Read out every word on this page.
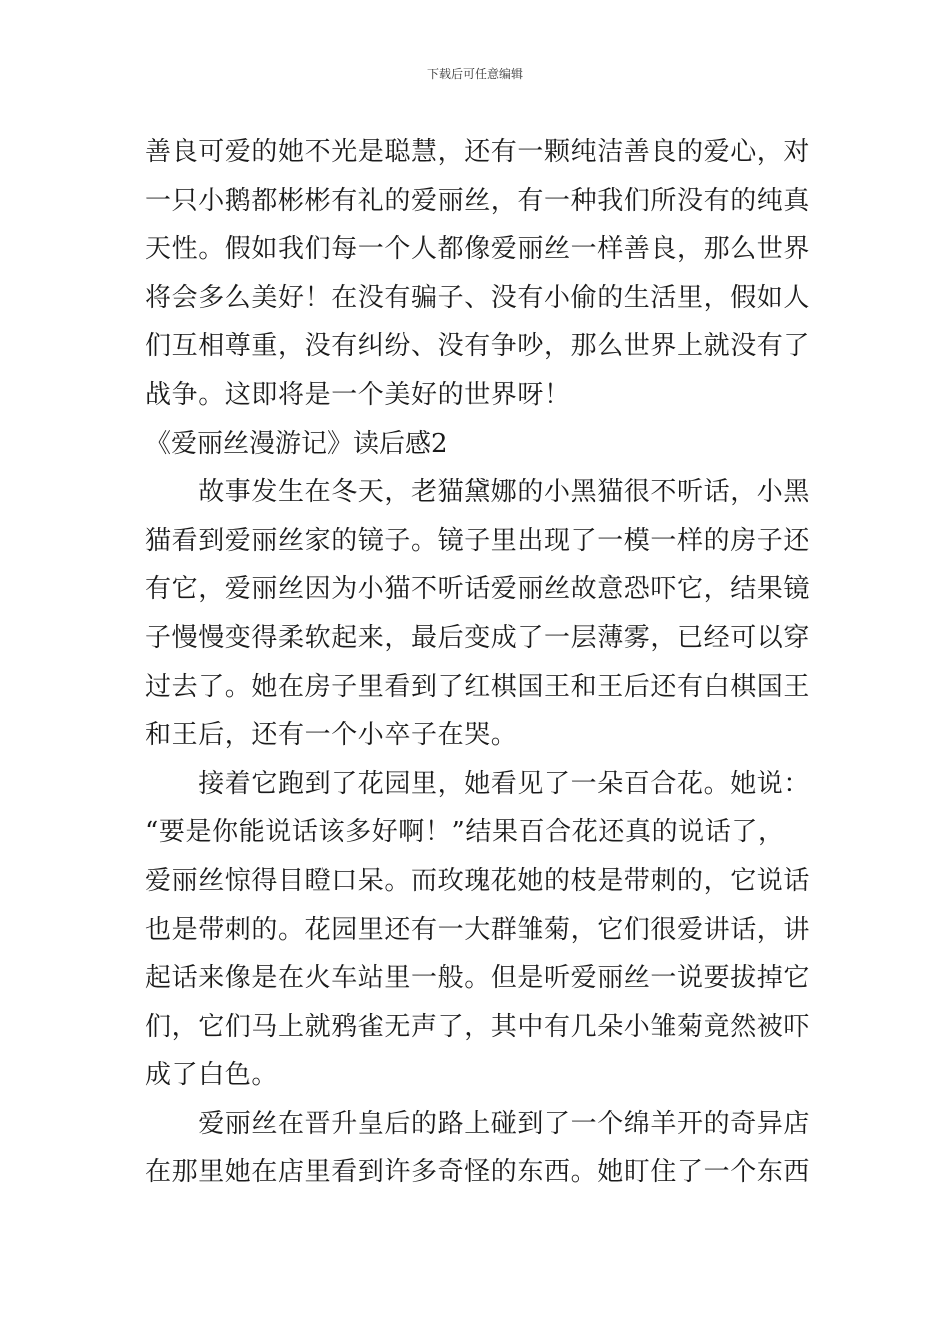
下载后可任意编辑
善良可爱的她不光是聪慧，还有一颗纯洁善良的爱心，对
一只小鹅都彬彬有礼的爱丽丝，有一种我们所没有的纯真
天性。假如我们每一个人都像爱丽丝一样善良，那么世界
将会多么美好！在没有骗子、没有小偷的生活里，假如人
们互相尊重，没有纠纷、没有争吵，那么世界上就没有了
战争。这即将是一个美好的世界呀！
《爱丽丝漫游记》读后感2
　　故事发生在冬天，老猫黛娜的小黑猫很不听话，小黑
猫看到爱丽丝家的镜子。镜子里出现了一模一样的房子还
有它，爱丽丝因为小猫不听话爱丽丝故意恐吓它，结果镜
子慢慢变得柔软起来，最后变成了一层薄雾，已经可以穿
过去了。她在房子里看到了红棋国王和王后还有白棋国王
和王后，还有一个小卒子在哭。
　　接着它跑到了花园里，她看见了一朵百合花。她说：
“要是你能说话该多好啊！”结果百合花还真的说话了，
爱丽丝惊得目瞪口呆。而玫瑰花她的枝是带刺的，它说话
也是带刺的。花园里还有一大群雏菊，它们很爱讲话，讲
起话来像是在火车站里一般。但是听爱丽丝一说要拔掉它
们，它们马上就鸦雀无声了，其中有几朵小雏菊竟然被吓
成了白色。
　　爱丽丝在晋升皇后的路上碰到了一个绵羊开的奇异店
在那里她在店里看到许多奇怪的东西。她盯住了一个东西
